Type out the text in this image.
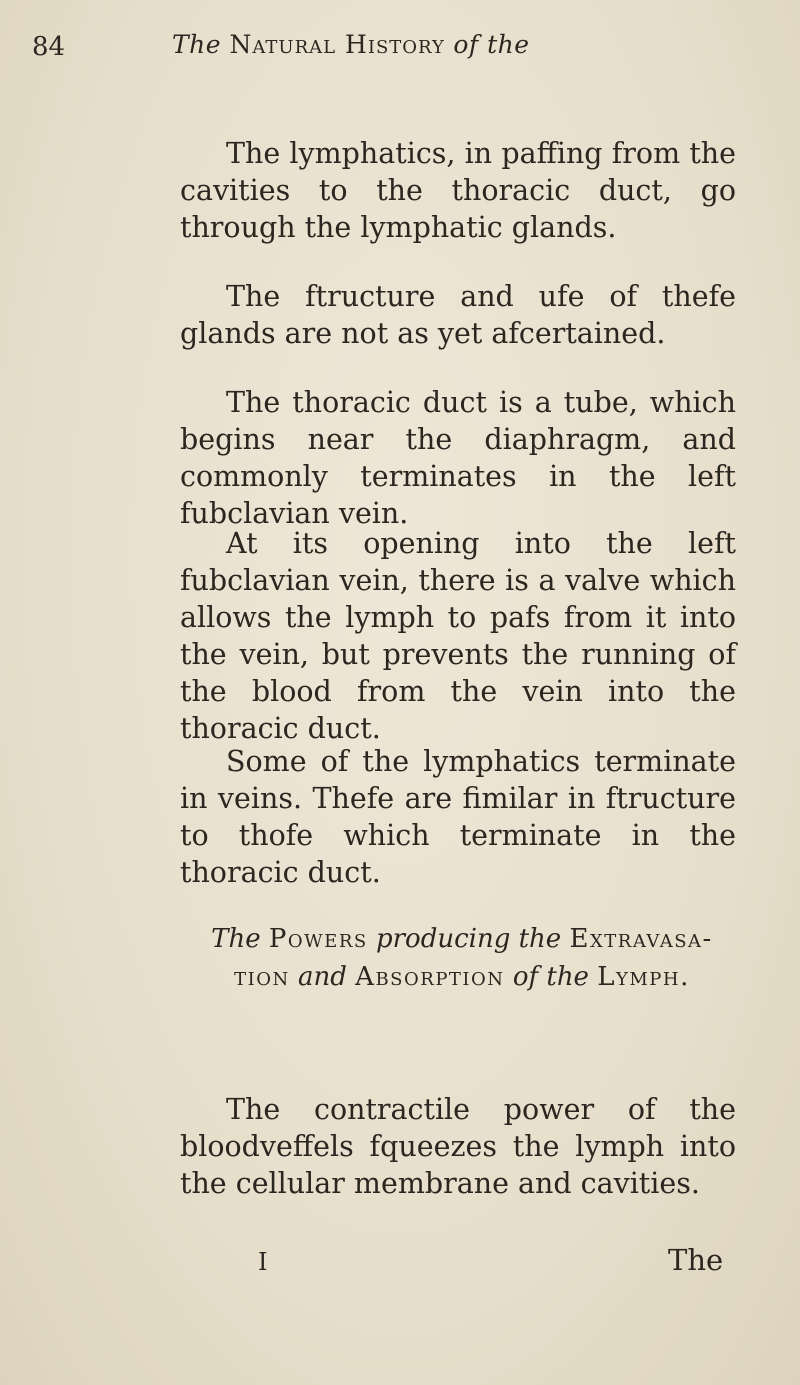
84	The Natural History of the

The lymphatics, in paffing from the cavities to the thoracic duct, go through the lymphatic glands.

The ftructure and ufe of thefe glands are not as yet afcertained.

The thoracic duct is a tube, which begins near the diaphragm, and commonly terminates in the left fubclavian vein.

At its opening into the left fubclavian vein, there is a valve which allows the lymph to pafs from it into the vein, but prevents the running of the blood from the vein into the thoracic duct.

Some of the lymphatics terminate in veins. Thefe are fimilar in ftructure to thofe which terminate in the thoracic duct.

The Powers producing the Extravasa-
tion and Absorption of the Lymph.

The contractile power of the bloodveffels fqueezes the lymph into the cellular membrane and cavities.

I	The
